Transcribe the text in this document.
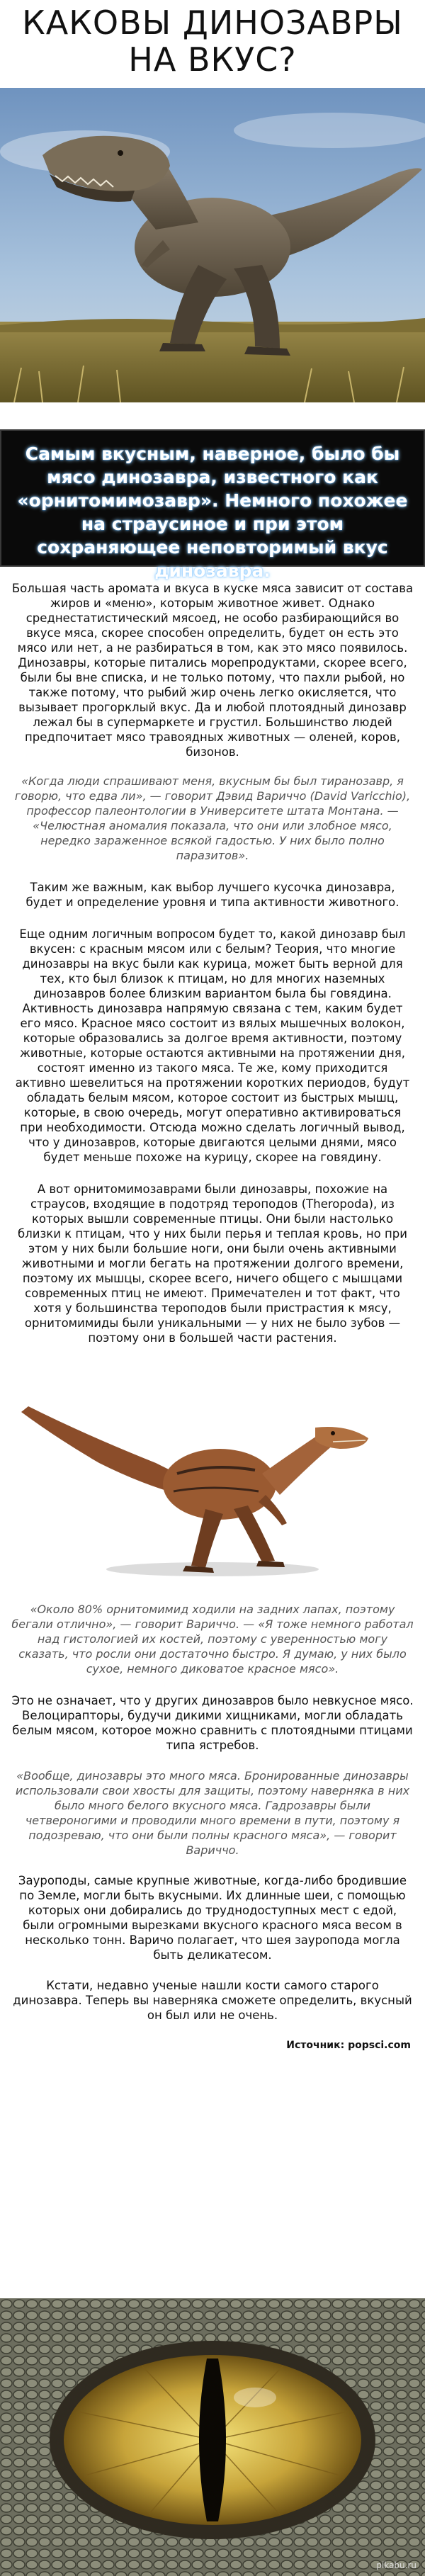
КАКОВЫ ДИНОЗАВРЫ НА ВКУС?
Самым вкусным, наверное, было бы мясо динозавра, известного как «орнитомимозавр». Немного похожее на страусиное и при этом сохраняющее неповторимый вкус динозавра.

Большая часть аромата и вкуса в куске мяса зависит от состава жиров и «меню», которым животное живет. Однако среднестатистический мясоед, не особо разбирающийся во вкусе мяса, скорее способен определить, будет он есть это мясо или нет, а не разбираться в том, как это мясо появилось. Динозавры, которые питались морепродуктами, скорее всего, были бы вне списка, и не только потому, что пахли рыбой, но также потому, что рыбий жир очень легко окисляется, что вызывает прогорклый вкус. Да и любой плотоядный динозавр лежал бы в супермаркете и грустил. Большинство людей предпочитает мясо травоядных животных — оленей, коров, бизонов.

«Когда люди спрашивают меня, вкусным бы был тиранозавр, я говорю, что едва ли», — говорит Дэвид Вариччо (David Varicchio), профессор палеонтологии в Университете штата Монтана. — «Челюстная аномалия показала, что они или злобное мясо, нередко зараженное всякой гадостью. У них было полно паразитов».

Таким же важным, как выбор лучшего кусочка динозавра, будет и определение уровня и типа активности животного.

Еще одним логичным вопросом будет то, какой динозавр был вкусен: с красным мясом или с белым? Теория, что многие динозавры на вкус были как курица, может быть верной для тех, кто был близок к птицам, но для многих наземных динозавров более близким вариантом была бы говядина. Активность динозавра напрямую связана с тем, каким будет его мясо. Красное мясо состоит из вялых мышечных волокон, которые образовались за долгое время активности, поэтому животные, которые остаются активными на протяжении дня, состоят именно из такого мяса. Те же, кому приходится активно шевелиться на протяжении коротких периодов, будут обладать белым мясом, которое состоит из быстрых мышц, которые, в свою очередь, могут оперативно активироваться при необходимости. Отсюда можно сделать логичный вывод, что у динозавров, которые двигаются целыми днями, мясо будет меньше похоже на курицу, скорее на говядину.

А вот орнитомимозаврами были динозавры, похожие на страусов, входящие в подотряд тероподов (Theropoda), из которых вышли современные птицы. Они были настолько близки к птицам, что у них были перья и теплая кровь, но при этом у них были большие ноги, они были очень активными животными и могли бегать на протяжении долгого времени, поэтому их мышцы, скорее всего, ничего общего с мышцами современных птиц не имеют. Примечателен и тот факт, что хотя у большинства тероподов были пристрастия к мясу, орнитомимиды были уникальными — у них не было зубов — поэтому они в большей части растения.

«Около 80% орнитомимид ходили на задних лапах, поэтому бегали отлично», — говорит Вариччо. — «Я тоже немного работал над гистологией их костей, поэтому с уверенностью могу сказать, что росли они достаточно быстро. Я думаю, у них было сухое, немного диковатое красное мясо».

Это не означает, что у других динозавров было невкусное мясо. Велоцирапторы, будучи дикими хищниками, могли обладать белым мясом, которое можно сравнить с плотоядными птицами типа ястребов.

«Вообще, динозавры это много мяса. Бронированные динозавры использовали свои хвосты для защиты, поэтому наверняка в них было много белого вкусного мяса. Гадрозавры были четвероногими и проводили много времени в пути, поэтому я подозреваю, что они были полны красного мяса», — говорит Вариччо.

Зауроподы, самые крупные животные, когда-либо бродившие по Земле, могли быть вкусными. Их длинные шеи, с помощью которых они добирались до труднодоступных мест с едой, были огромными вырезками вкусного красного мяса весом в несколько тонн. Варичо полагает, что шея зауропода могла быть деликатесом.

Кстати, недавно ученые нашли кости самого старого динозавра. Теперь вы наверняка сможете определить, вкусный он был или не очень.

Источник: popsci.com

pikabu.ru
